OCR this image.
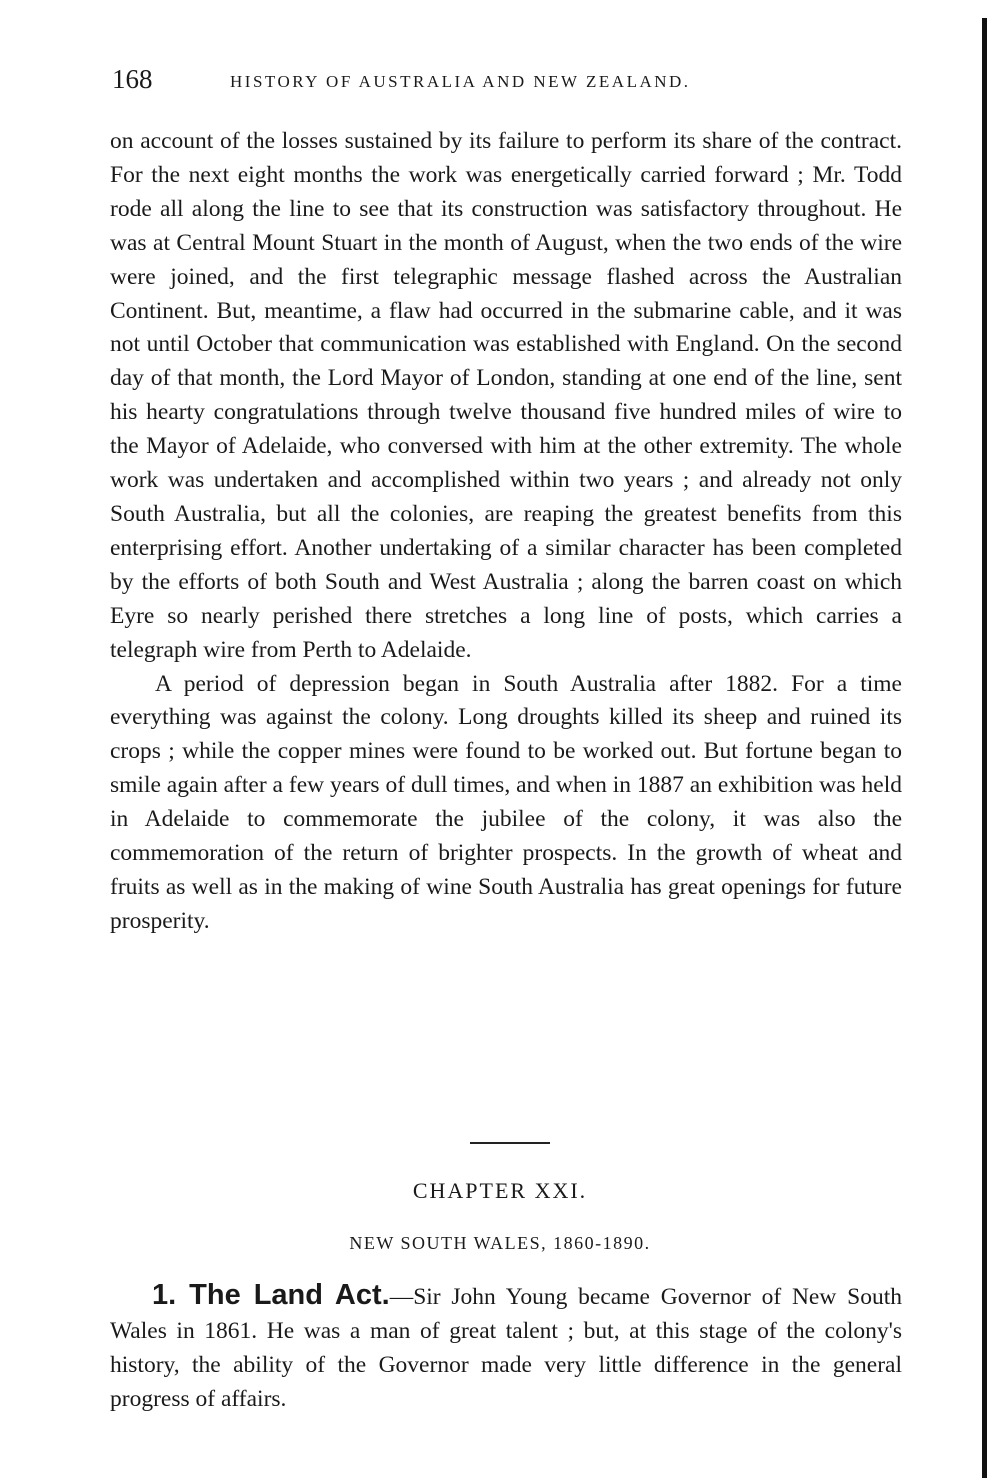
168	HISTORY OF AUSTRALIA AND NEW ZEALAND.

on account of the losses sustained by its failure to perform its share of the contract. For the next eight months the work was energetically carried forward ; Mr. Todd rode all along the line to see that its construction was satisfactory throughout. He was at Central Mount Stuart in the month of August, when the two ends of the wire were joined, and the first telegraphic message flashed across the Australian Continent. But, meantime, a flaw had occurred in the submarine cable, and it was not until October that communication was established with England. On the second day of that month, the Lord Mayor of London, standing at one end of the line, sent his hearty congratulations through twelve thousand five hundred miles of wire to the Mayor of Adelaide, who conversed with him at the other extremity. The whole work was undertaken and accomplished within two years ; and already not only South Australia, but all the colonies, are reaping the greatest benefits from this enterprising effort. Another undertaking of a similar character has been completed by the efforts of both South and West Australia ; along the barren coast on which Eyre so nearly perished there stretches a long line of posts, which carries a telegraph wire from Perth to Adelaide.

A period of depression began in South Australia after 1882. For a time everything was against the colony. Long droughts killed its sheep and ruined its crops ; while the copper mines were found to be worked out. But fortune began to smile again after a few years of dull times, and when in 1887 an exhibition was held in Adelaide to commemorate the jubilee of the colony, it was also the commemoration of the return of brighter prospects. In the growth of wheat and fruits as well as in the making of wine South Australia has great openings for future prosperity.

CHAPTER XXI.
NEW SOUTH WALES, 1860-1890.

1. The Land Act.—Sir John Young became Governor of New South Wales in 1861. He was a man of great talent ; but, at this stage of the colony's history, the ability of the Governor made very little difference in the general progress of affairs.
